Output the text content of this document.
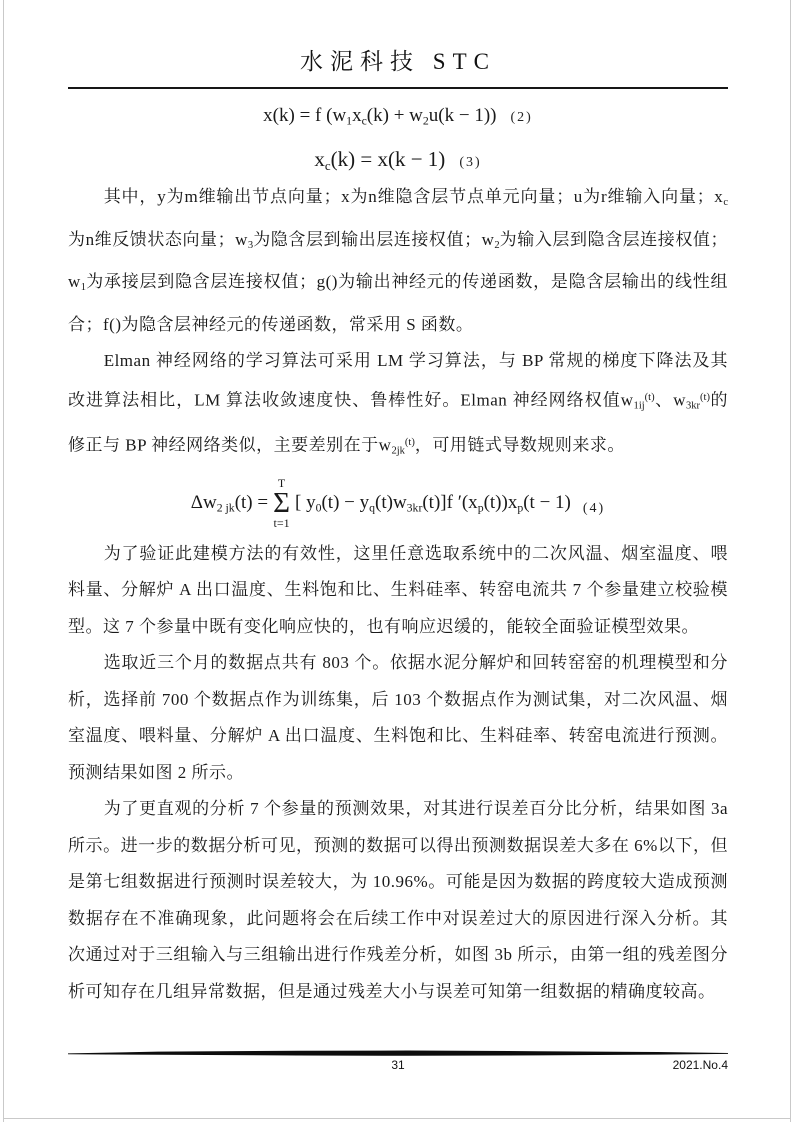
水泥科技 STC
x(k) = f $(w_1x_c(k) + w_2u(k - 1))$ (2)
$x_c(k) = x(k - 1)$ (3)

其中，y为m维输出节点向量；x为n维隐含层节点单元向量；u为r维输入向量；$x_c$为n维反馈状态向量；$w_3$为隐含层到输出层连接权值；$w_2$为输入层到隐含层连接权值；$w_1$为承接层到隐含层连接权值；g()为输出神经元的传递函数，是隐含层输出的线性组合；f()为隐含层神经元的传递函数，常采用 S 函数。

Elman 神经网络的学习算法可采用 LM 学习算法，与 BP 常规的梯度下降法及其改进算法相比，LM 算法收敛速度快、鲁棒性好。Elman 神经网络权值$w_{1ij}^{(t)}$、$w_{3kr}^{(t)}$的修正与 BP 神经网络类似，主要差别在于$w_{2jk}^{(t)}$，可用链式导数规则来求。

$\Delta w_{2 jk}(t)$ =
T
Σ
t=1
[ $y_0(t) - y_q(t)w_{3kr}(t)]f$ $'(x_p(t))x_p(t - 1)$ (4)

为了验证此建模方法的有效性，这里任意选取系统中的二次风温、烟室温度、喂料量、分解炉 A 出口温度、生料饱和比、生料硅率、转窑电流共 7 个参量建立校验模型。这 7 个参量中既有变化响应快的，也有响应迟缓的，能较全面验证模型效果。

选取近三个月的数据点共有 803 个。依据水泥分解炉和回转窑窑的机理模型和分析，选择前 700 个数据点作为训练集，后 103 个数据点作为测试集，对二次风温、烟室温度、喂料量、分解炉 A 出口温度、生料饱和比、生料硅率、转窑电流进行预测。预测结果如图 2 所示。

为了更直观的分析 7 个参量的预测效果，对其进行误差百分比分析，结果如图 3a 所示。进一步的数据分析可见，预测的数据可以得出预测数据误差大多在 6%以下，但是第七组数据进行预测时误差较大，为 10.96%。可能是因为数据的跨度较大造成预测数据存在不准确现象，此问题将会在后续工作中对误差过大的原因进行深入分析。其次通过对于三组输入与三组输出进行作残差分析，如图 3b 所示，由第一组的残差图分析可知存在几组异常数据，但是通过残差大小与误差可知第一组数据的精确度较高。

31	2021.No.4
